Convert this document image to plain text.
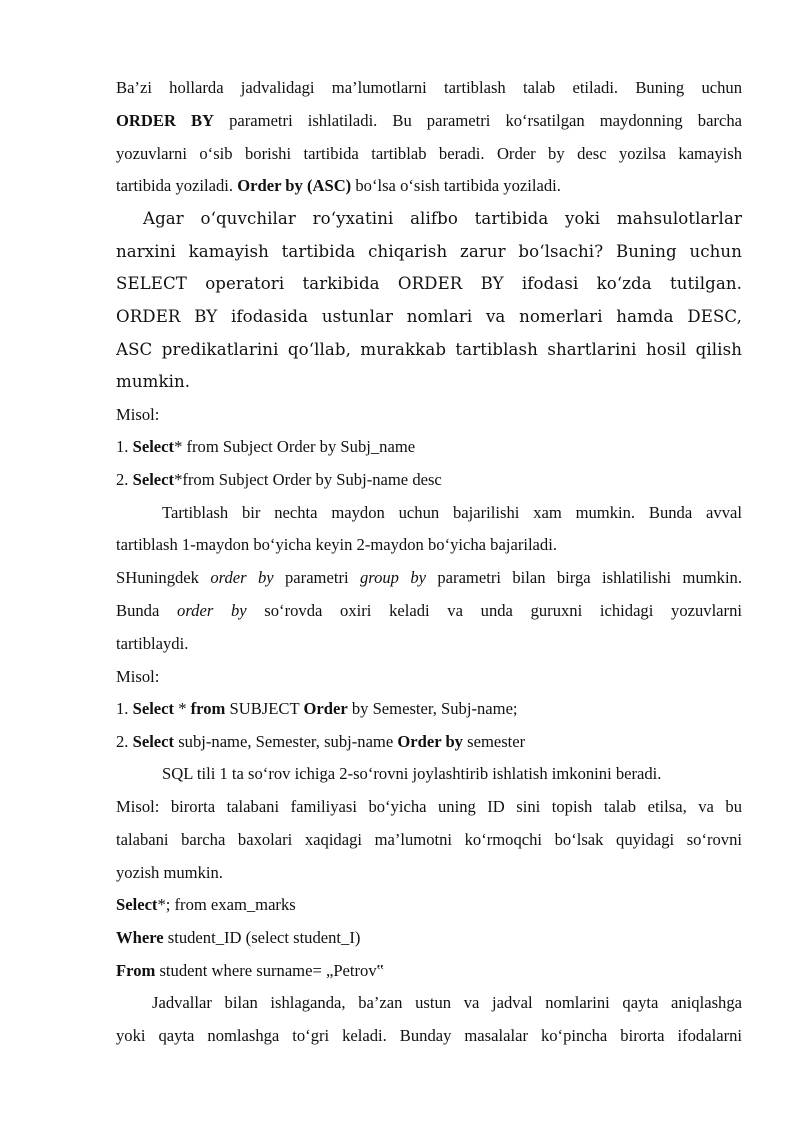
Ba’zi hollarda jadvalidagi ma’lumotlarni tartiblash talab etiladi. Buning uchun
ORDER BY parametri ishlatiladi. Bu parametri ko‘rsatilgan maydonning barcha
yozuvlarni o‘sib borishi tartibida tartiblab beradi. Order by desc yozilsa kamayish
tartibida yoziladi. Order by (ASC) bo‘lsa o‘sish tartibida yoziladi.
Agar o‘quvchilar ro‘yxatini alifbo tartibida yoki mahsulotlarlar
narxini kamayish tartibida chiqarish zarur bo‘lsachi? Buning uchun
SELECT operatori tarkibida ORDER BY ifodasi ko‘zda tutilgan.
ORDER BY ifodasida ustunlar nomlari va nomerlari hamda DESC,
ASC predikatlarini qo‘llab, murakkab tartiblash shartlarini hosil qilish
mumkin.

Misol:

1. Select* from Subject Order by Subj_name

2. Select*from Subject Order by Subj-name desc

Tartiblash bir nechta maydon uchun bajarilishi xam mumkin. Bunda avval
tartiblash 1-maydon bo‘yicha keyin 2-maydon bo‘yicha bajariladi.
SHuningdek order by parametri group by parametri bilan birga ishlatilishi mumkin.
Bunda order by so‘rovda oxiri keladi va unda guruxni ichidagi yozuvlarni
tartiblaydi.

Misol:

1. Select * from SUBJECT Order by Semester, Subj-name;

2. Select subj-name, Semester, subj-name Order by semester

SQL tili 1 ta so‘rov ichiga 2-so‘rovni joylashtirib ishlatish imkonini beradi.
Misol: birorta talabani familiyasi bo‘yicha uning ID sini topish talab etilsa, va bu
talabani barcha baxolari xaqidagi ma’lumotni ko‘rmoqchi bo‘lsak quyidagi so‘rovni
yozish mumkin.

Select*; from exam_marks

Where student_ID (select student_I)

From student where surname= „Petrov‟

Jadvallar bilan ishlaganda, ba’zan ustun va jadval nomlarini qayta aniqlashga
yoki qayta nomlashga to‘gri keladi. Bunday masalalar ko‘pincha birorta ifodalarni
